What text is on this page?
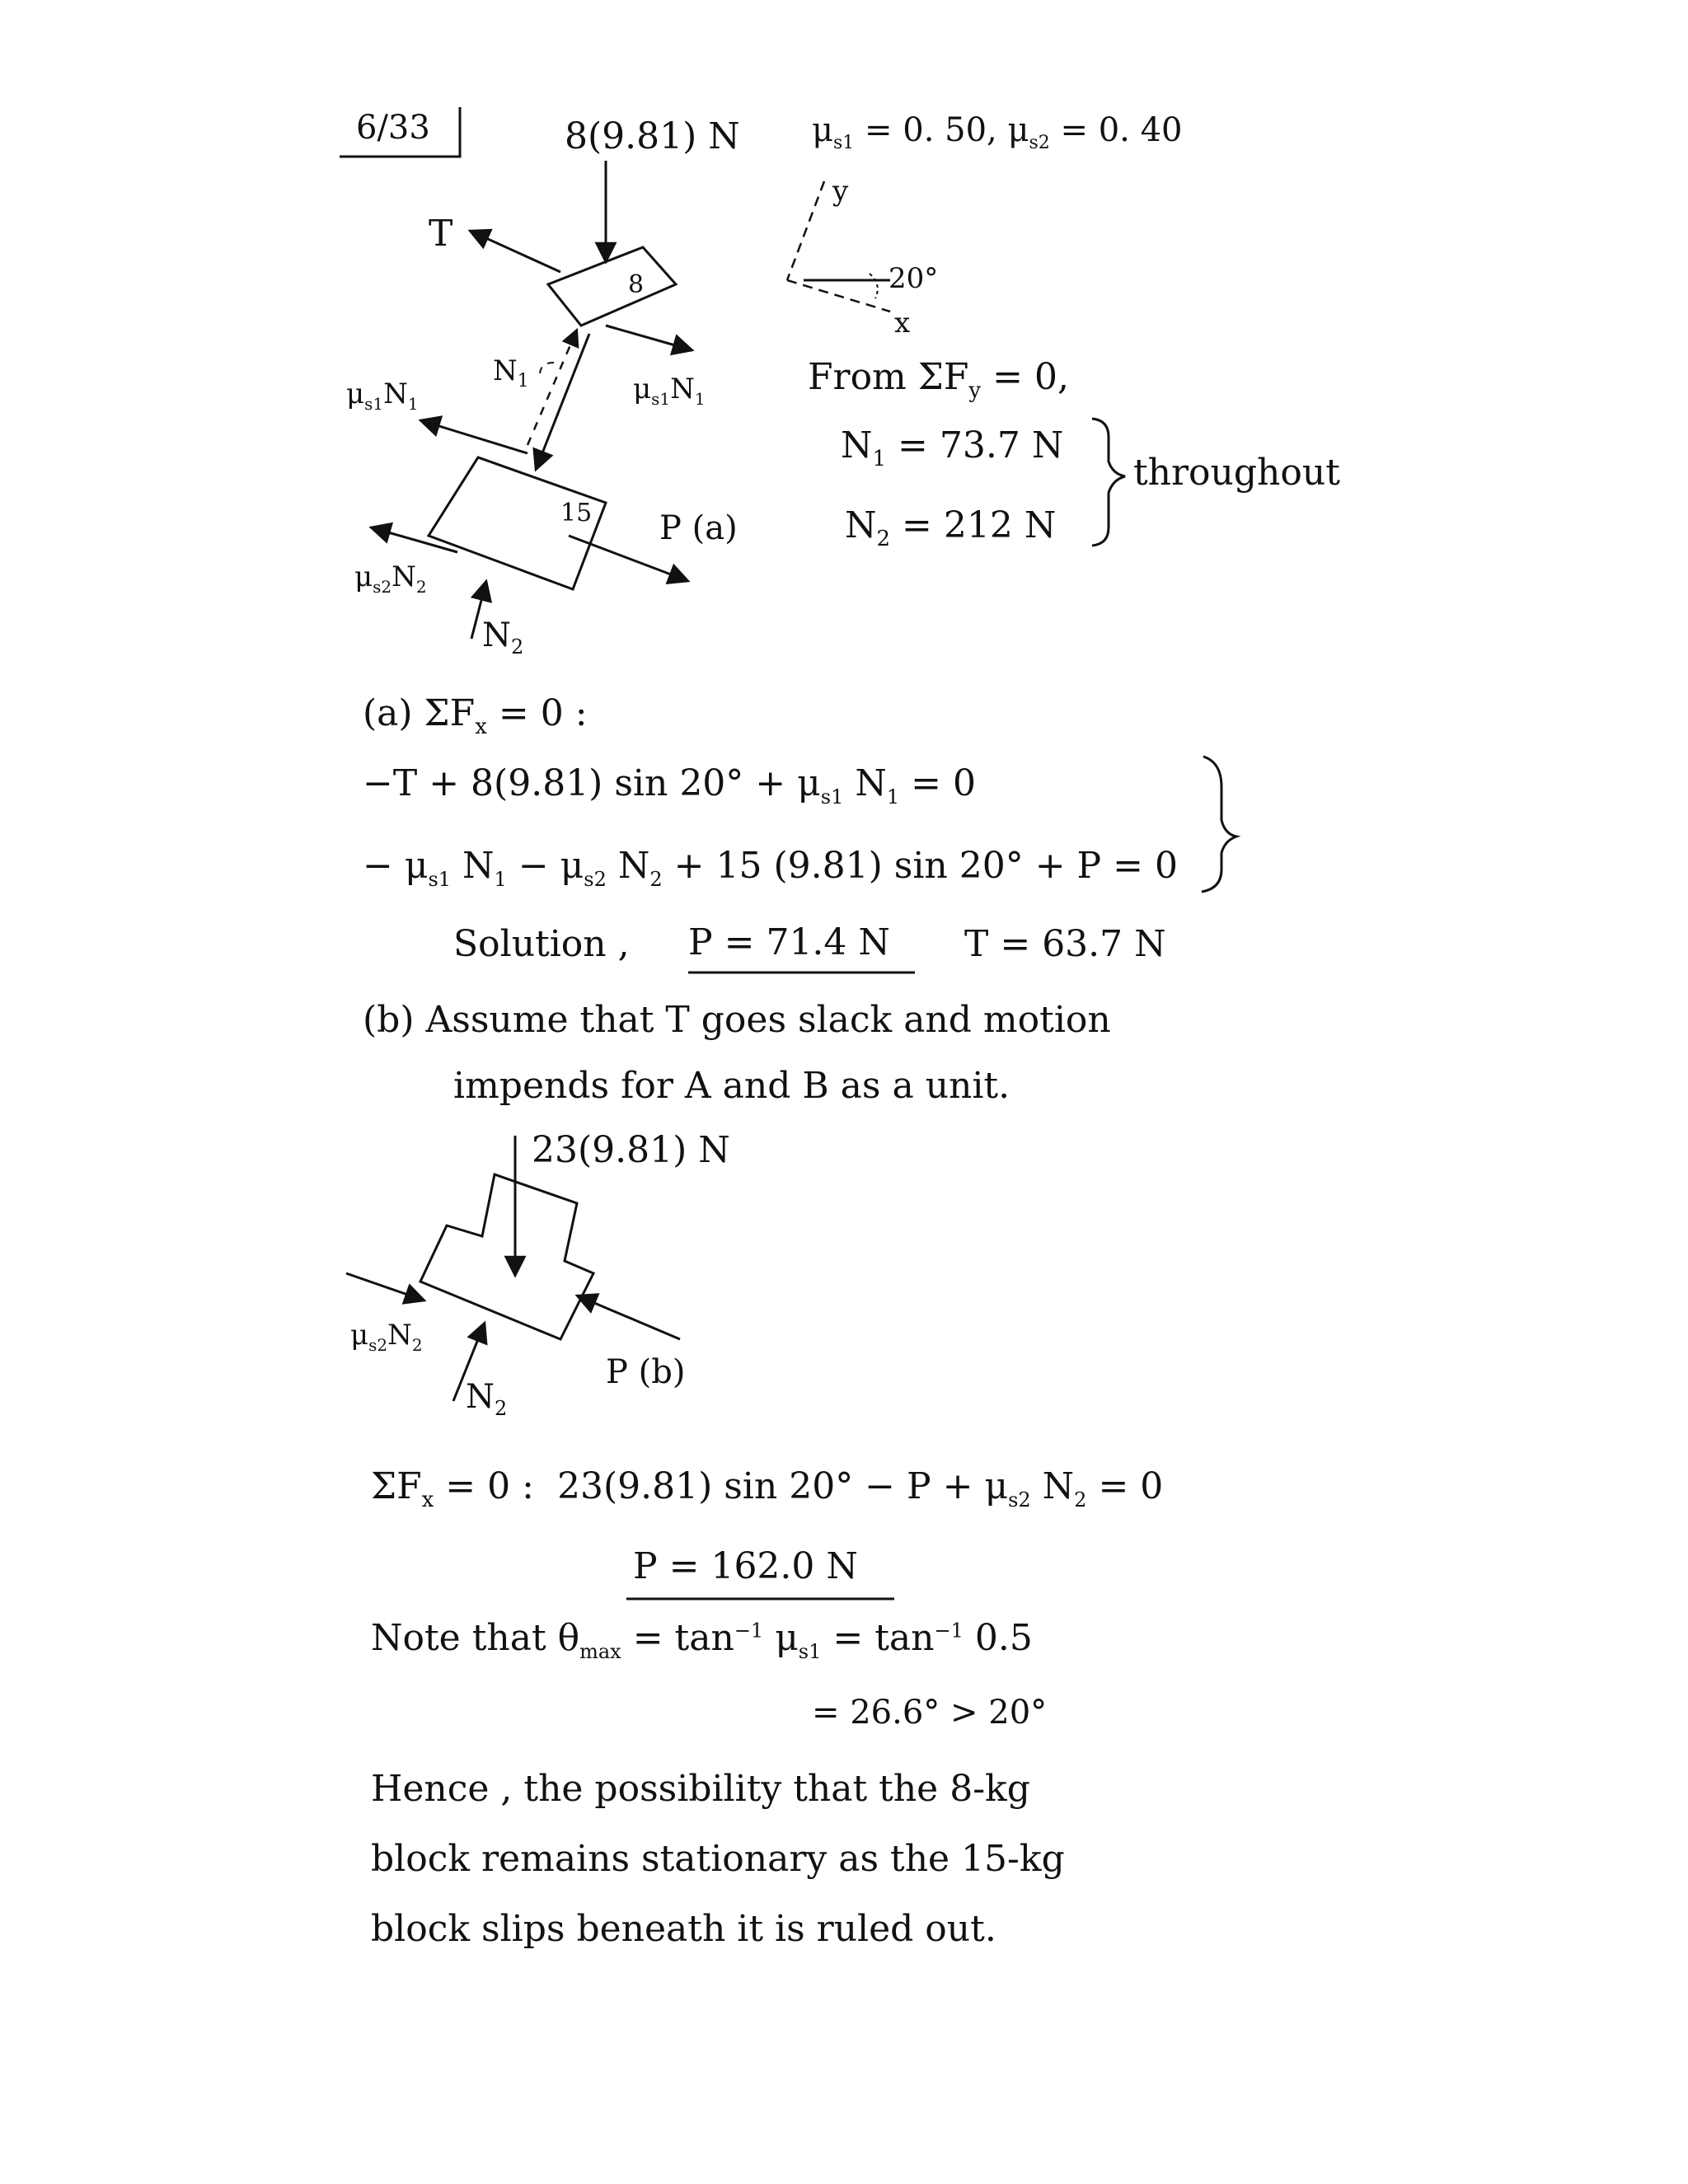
6/33	8(9.81) N
T
8
15
$N_1$
$\mu_{s1}N_1$	$\mu_{s1}N_1$
$\mu_{s2}N_2$
$N_2$
P (a)
$\mu_{s1} = 0$. 50, $\mu_{s2} = 0$. 40
y
x
20°
From $\Sigma F_y = 0$,
$N_1 = 73.7$ N
$N_2 = 212$ N
throughout
(a) $\Sigma F_x = 0$ :
−T + 8(9.81) $\sin 20^\circ + \mu_{s1}$ $N_1 = 0$
− $\mu_{s1}$ $N_1 - \mu_{s2}$ $N_2 + 15$ (9.81) sin 20° + P = 0
Solution , P = 71.4 N T = 63.7 N
(b) Assume that T goes slack and motion
impends for A and B as a unit.
23(9.81) N
$\mu_{s2}N_2$
$N_2$
P (b)
$\Sigma F_x = 0$ : 23(9.81) $\sin 20^\circ - P + \mu_{s2}$ $N_2 = 0$
P = 162.0 N
Note that $\theta_{max} = \tan^{-1} \mu_{s1} = \tan^{-1} 0.5$
= 26.6° > 20°
Hence , the possibility that the 8-kg
block remains stationary as the 15-kg
block slips beneath it is ruled out.
